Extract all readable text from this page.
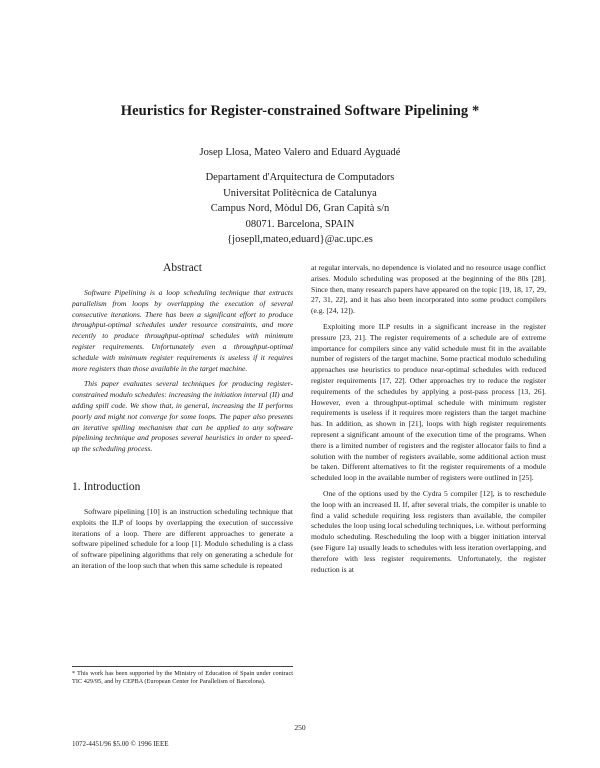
Heuristics for Register-constrained Software Pipelining *
Josep Llosa, Mateo Valero and Eduard Ayguadé
Departament d'Arquitectura de Computadors
Universitat Politècnica de Catalunya
Campus Nord, Mòdul D6, Gran Capità s/n
08071. Barcelona, SPAIN
{josepll,mateo,eduard}@ac.upc.es
Abstract

Software Pipelining is a loop scheduling technique that extracts parallelism from loops by overlapping the execution of several consecutive iterations. There has been a significant effort to produce throughput-optimal schedules under resource constraints, and more recently to produce throughput-optimal schedules with minimum register requirements. Unfortunately even a throughput-optimal schedule with minimum register requirements is useless if it requires more registers than those available in the target machine.

This paper evaluates several techniques for producing register-constrained modulo schedules: increasing the initiation interval (II) and adding spill code. We show that, in general, increasing the II performs poorly and might not converge for some loops. The paper also presents an iterative spilling mechanism that can be applied to any software pipelining technique and proposes several heuristics in order to speed-up the scheduling process.

1. Introduction

Software pipelining [10] is an instruction scheduling technique that exploits the ILP of loops by overlapping the execution of successive iterations of a loop. There are different approaches to generate a software pipelined schedule for a loop [1]. Modulo scheduling is a class of software pipelining algorithms that rely on generating a schedule for an iteration of the loop such that when this same schedule is repeated

at regular intervals, no dependence is violated and no resource usage conflict arises. Modulo scheduling was proposed at the beginning of the 80s [28]. Since then, many research papers have appeared on the topic [19, 18, 17, 29, 27, 31, 22], and it has also been incorporated into some product compilers (e.g. [24, 12]).

Exploiting more ILP results in a significant increase in the register pressure [23, 21]. The register requirements of a schedule are of extreme importance for compilers since any valid schedule must fit in the available number of registers of the target machine. Some practical modulo scheduling approaches use heuristics to produce near-optimal schedules with reduced register requirements [17, 22]. Other approaches try to reduce the register requirements of the schedules by applying a post-pass process [13, 26]. However, even a throughput-optimal schedule with minimum register requirements is useless if it requires more registers than the target machine has. In addition, as shown in [21], loops with high register requirements represent a significant amount of the execution time of the programs. When there is a limited number of registers and the register allocator fails to find a solution with the number of registers available, some additional action must be taken. Different alternatives to fit the register requirements of a module scheduled loop in the available number of registers were outlined in [25].

One of the options used by the Cydra 5 compiler [12], is to reschedule the loop with an increased II. If, after several trials, the compiler is unable to find a valid schedule requiring less registers than available, the compiler schedules the loop using local scheduling techniques, i.e. without performing modulo scheduling. Rescheduling the loop with a bigger initiation interval (see Figure 1a) usually leads to schedules with less iteration overlapping, and therefore with less register requirements. Unfortunately, the register reduction is at

* This work has been supported by the Ministry of Education of Spain under contract TIC 429/95, and by CEPBA (European Center for Parallelism of Barcelona).
250
1072-4451/96 $5.00 © 1996 IEEE
